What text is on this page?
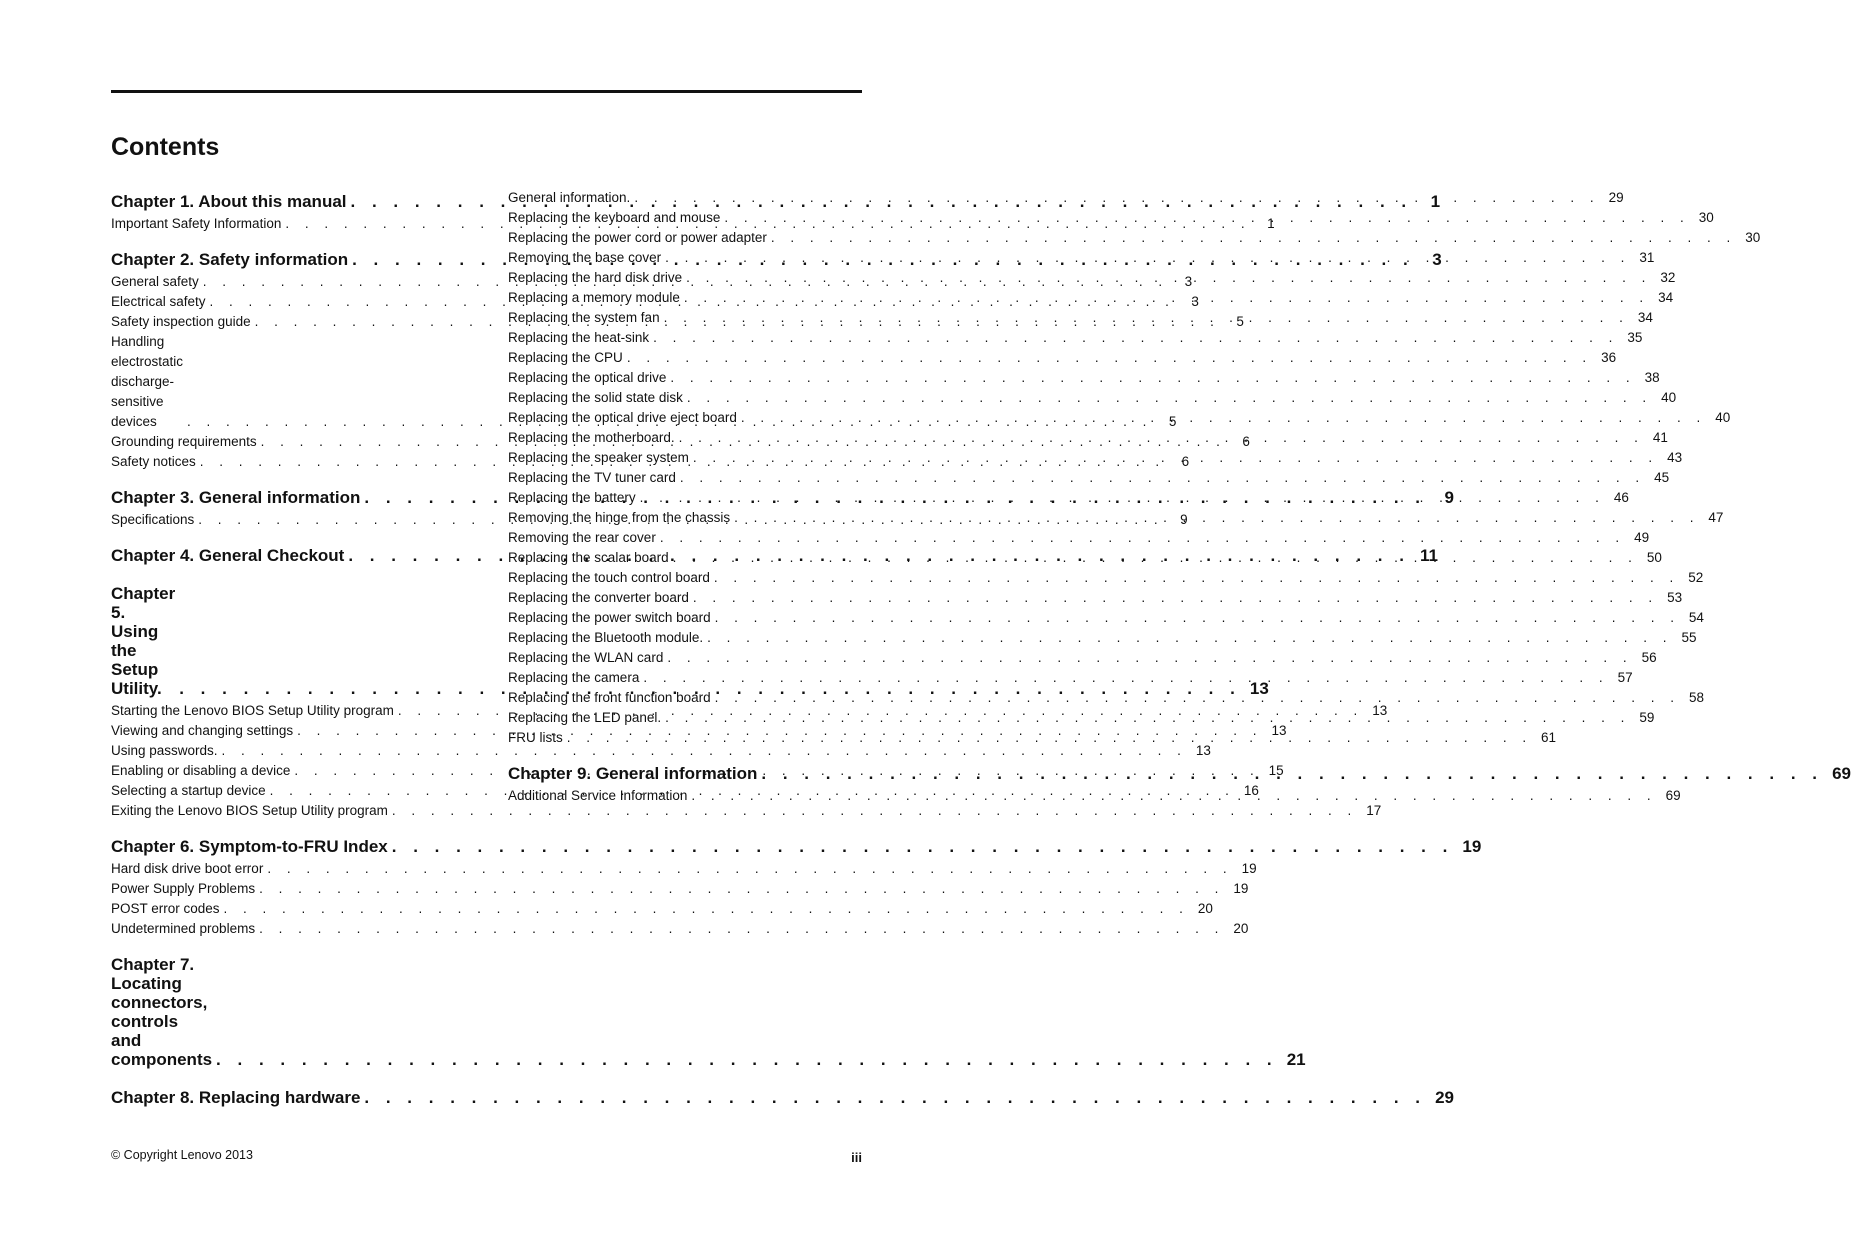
Contents
Chapter 1. About this manual . . .	1
Important Safety Information . . .	1
Chapter 2. Safety information . . .	3
General safety . . .	3
Electrical safety . . .	3
Safety inspection guide . . .	5
Handling electrostatic discharge-sensitive devices . . .	5
Grounding requirements . . .	6
Safety notices . . .	6
Chapter 3. General information . . .	9
Specifications . . .	9
Chapter 4. General Checkout . . .	11
Chapter 5. Using the Setup Utility. . . .	13
Starting the Lenovo BIOS Setup Utility program . . .	13
Viewing and changing settings . . .	13
Using passwords. . . .	13
Enabling or disabling a device . . .	15
Selecting a startup device . . .	16
Exiting the Lenovo BIOS Setup Utility program . . .	17
Chapter 6. Symptom-to-FRU Index . . .	19
Hard disk drive boot error . . .	19
Power Supply Problems . . .	19
POST error codes . . .	20
Undetermined problems . . .	20
Chapter 7. Locating connectors, controls and components . . .	21
Chapter 8. Replacing hardware . . .	29
General information. . . .	29
Replacing the keyboard and mouse . . .	30
Replacing the power cord or power adapter . . .	30
Removing the base cover . . .	31
Replacing the hard disk drive . . .	32
Replacing a memory module . . .	34
Replacing the system fan . . .	34
Replacing the heat-sink . . .	35
Replacing the CPU . . .	36
Replacing the optical drive . . .	38
Replacing the solid state disk . . .	40
Replacing the optical drive eject board . . .	40
Replacing the motherboard. . . .	41
Replacing the speaker system . . .	43
Replacing the TV tuner card . . .	45
Replacing the battery . . .	46
Removing the hinge from the chassis . . .	47
Removing the rear cover . . .	49
Replacing the scalar board . . .	50
Replacing the touch control board . . .	52
Replacing the converter board . . .	53
Replacing the power switch board . . .	54
Replacing the Bluetooth module. . . .	55
Replacing the WLAN card . . .	56
Replacing the camera . . .	57
Replacing the front function board . . .	58
Replacing the LED panel. . . .	59
FRU lists . . .	61
Chapter 9. General information . . .	69
Additional Service Information . . .	69
© Copyright Lenovo 2013	iii
